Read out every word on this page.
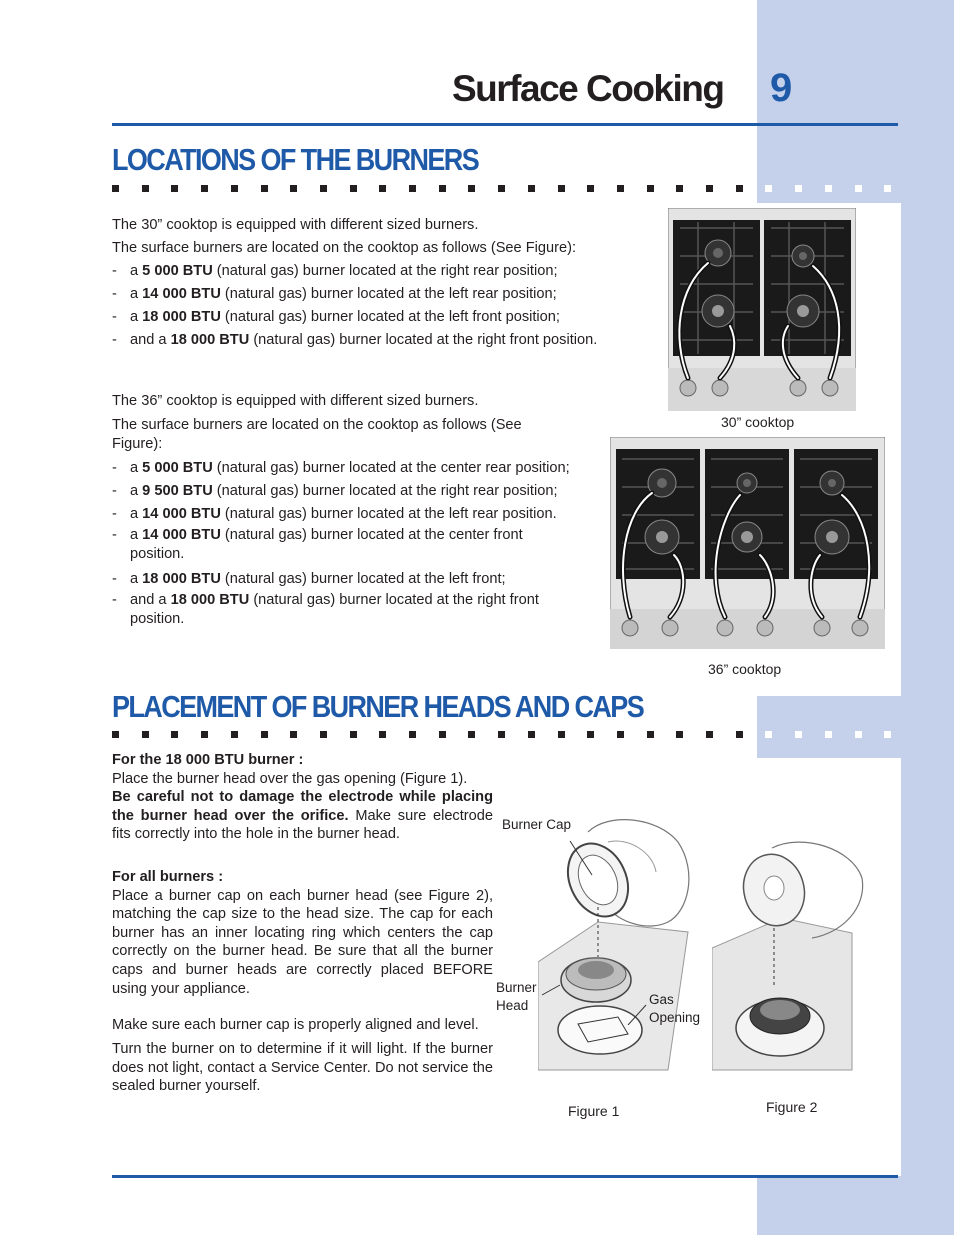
Surface Cooking 9
LOCATIONS OF THE BURNERS

The 30” cooktop is equipped with different sized burners.

The surface burners are located on the cooktop as follows (See Figure):

- a 5 000 BTU (natural gas) burner located at the right rear position;
- a 14 000 BTU (natural gas) burner located at the left rear position;
- a 18 000 BTU (natural gas) burner located at the left front position;
- and a 18 000 BTU (natural gas) burner located at the right front position.

The 36” cooktop is equipped with different sized burners.

The surface burners are located on the cooktop as follows (See
Figure):

- a 5 000 BTU (natural gas) burner located at the center rear position;
- a 9 500 BTU (natural gas) burner located at the right rear position;
- a 14 000 BTU (natural gas) burner located at the left rear position.
- a 14 000 BTU (natural gas) burner located at the center front
position.
- a 18 000 BTU (natural gas) burner located at the left front;
- and a 18 000 BTU (natural gas) burner located at the right front
position.
30” cooktop
36” cooktop
PLACEMENT OF BURNER HEADS AND CAPS

For the 18 000 BTU burner :

Place the burner head over the gas opening (Figure 1).

Be careful not to damage the electrode while placing the burner head over the orifice. Make sure electrode fits correctly into the hole in the burner head.

For all burners :

Place a burner cap on each burner head (see Figure 2), matching the cap size to the head size. The cap for each burner has an inner locating ring which centers the cap correctly on the burner head. Be sure that all the burner caps and burner heads are correctly placed BEFORE using your appliance.

Make sure each burner cap is properly aligned and level.
Turn the burner on to determine if it will light. If the burner does not light, contact a Service Center. Do not service the sealed burner yourself.
Burner Cap
Burner
Head	Gas
Opening
Figure 1	Figure 2
